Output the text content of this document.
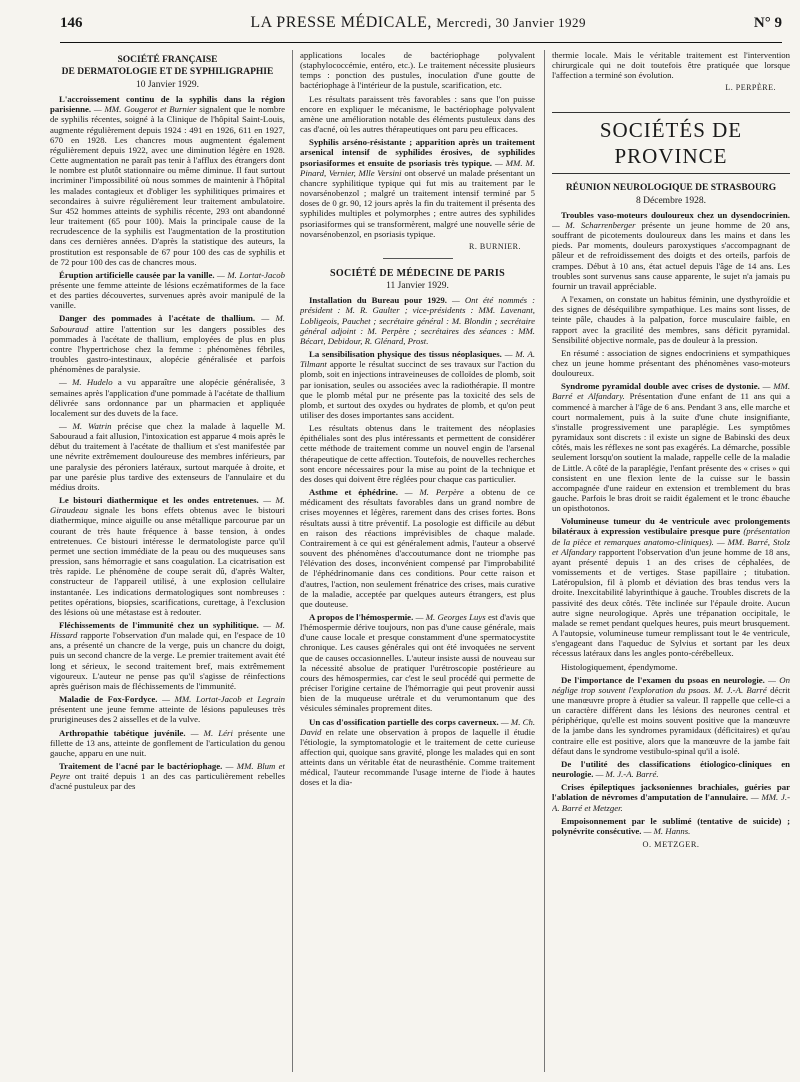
146	LA PRESSE MÉDICALE, Mercredi, 30 Janvier 1929	N° 9
SOCIÉTÉ FRANÇAISE
DE DERMATOLOGIE ET DE SYPHILIGRAPHIE
10 Janvier 1929.

L'accroissement continu de la syphilis dans la région parisienne. — MM. Gougerot et Burnier signalent que le nombre de syphilis récentes, soigné à la Clinique de l'hôpital Saint-Louis, augmente régulièrement depuis 1924 : 491 en 1926, 611 en 1927, 670 en 1928. Les chancres mous augmentent également régulièrement depuis 1922, avec une diminution légère en 1928. Cette augmentation ne paraît pas tenir à l'afflux des étrangers dont le nombre est plutôt stationnaire ou même diminue. Il faut surtout incriminer l'impossibilité où nous sommes de maintenir à l'hôpital les malades contagieux et d'obliger les syphilitiques primaires et secondaires à suivre régulièrement leur traitement ambulatoire. Sur 452 hommes atteints de syphilis récente, 293 ont abandonné leur traitement (65 pour 100). Mais la principale cause de la recrudescence de la syphilis est l'augmentation de la prostitution dans ces dernières années. D'après la statistique des auteurs, la prostitution est responsable de 67 pour 100 des cas de syphilis et de 72 pour 100 des cas de chancres mous.

Éruption artificielle causée par la vanille. — M. Lortat-Jacob présente une femme atteinte de lésions eczématiformes de la face et des parties découvertes, survenues après avoir manipulé de la vanille.

Danger des pommades à l'acétate de thallium. — M. Sabouraud attire l'attention sur les dangers possibles des pommades à l'acétate de thallium, employées de plus en plus contre l'hypertrichose chez la femme : phénomènes fébriles, troubles gastro-intestinaux, alopécie généralisée et parfois phénomènes de paralysie.

— M. Hudelo a vu apparaître une alopécie généralisée, 3 semaines après l'application d'une pommade à l'acétate de thallium délivrée sans ordonnance par un pharmacien et appliquée localement sur des duvets de la face.

— M. Watrin précise que chez la malade à laquelle M. Sabouraud a fait allusion, l'intoxication est apparue 4 mois après le début du traitement à l'acétate de thallium et s'est manifestée par une névrite extrêmement douloureuse des membres inférieurs, par une paralysie des péroniers latéraux, surtout marquée à droite, et par une parésie plus tardive des extenseurs de l'annulaire et du médius droits.

Le bistouri diathermique et les ondes entretenues. — M. Giraudeau signale les bons effets obtenus avec le bistouri diathermique, mince aiguille ou anse métallique parcourue par un courant de très haute fréquence à basse tension, à ondes entretenues. Ce bistouri intéresse le dermatologiste parce qu'il permet une section immédiate de la peau ou des muqueuses sans pression, sans hémorragie et sans coagulation. La cicatrisation est très rapide. Le phénomène de coupe serait dû, d'après Walter, constructeur de l'appareil utilisé, à une explosion cellulaire instantanée. Les indications dermatologiques sont nombreuses : petites opérations, biopsies, scarifications, curettage, à l'exclusion des lésions où une métastase est à redouter.

Fléchissements de l'immunité chez un syphilitique. — M. Hissard rapporte l'observation d'un malade qui, en l'espace de 10 ans, a présenté un chancre de la verge, puis un chancre du doigt, puis un second chancre de la verge. Le premier traitement avait été long et sérieux, le second traitement bref, mais extrêmement vigoureux. L'auteur ne pense pas qu'il s'agisse de réinfections après guérison mais de fléchissements de l'immunité.

Maladie de Fox-Fordyce. — MM. Lortat-Jacob et Legrain présentent une jeune femme atteinte de lésions papuleuses très prurigineuses des 2 aisselles et de la vulve.

Arthropathie tabétique juvénile. — M. Léri présente une fillette de 13 ans, atteinte de gonflement de l'articulation du genou gauche, apparu en une nuit.

Traitement de l'acné par le bactériophage. — MM. Blum et Peyre ont traité depuis 1 an des cas particulièrement rebelles d'acné pustuleux par des

applications locales de bactériophage polyvalent (staphylococcémie, entéro, etc.). Le traitement nécessite plusieurs temps : ponction des pustules, inoculation d'une goutte de bactériophage à l'intérieur de la pustule, scarification, etc.

Les résultats paraissent très favorables : sans que l'on puisse encore en expliquer le mécanisme, le bactériophage polyvalent amène une amélioration notable des éléments pustuleux dans des cas d'acné, où les autres thérapeutiques ont paru peu efficaces.

Syphilis arséno-résistante ; apparition après un traitement arsenical intensif de syphilides érosives, de syphilides psoriasiformes et ensuite de psoriasis très typique. — MM. M. Pinard, Vernier, Mlle Versini ont observé un malade présentant un chancre syphilitique typique qui fut mis au traitement par le novarsénobenzol ; malgré un traitement intensif terminé par 5 doses de 0 gr. 90, 12 jours après la fin du traitement il présenta des syphilides multiples et polymorphes ; entre autres des syphilides psoriasiformes qui se transformèrent, malgré une nouvelle série de novarsénobenzol, en psoriasis typique.

R. BURNIER.
SOCIÉTÉ DE MÉDECINE DE PARIS
11 Janvier 1929.

Installation du Bureau pour 1929. — Ont été nommés : président : M. R. Gaulter ; vice-présidents : MM. Lavenant, Lobligeois, Pauchet ; secrétaire général : M. Blondin ; secrétaire général adjoint : M. Perpère ; secrétaires des séances : MM. Bécart, Debidour, R. Glénard, Prost.

La sensibilisation physique des tissus néoplasiques. — M. A. Tilmant apporte le résultat succinct de ses travaux sur l'action du plomb, soit en injections intraveineuses de colloïdes de plomb, soit par ionisation, seules ou associées avec la radiothérapie. Il montre que le plomb métal pur ne présente pas la toxicité des sels de plomb, et surtout des oxydes ou hydrates de plomb, et qu'on peut utiliser des doses importantes sans accident.

Les résultats obtenus dans le traitement des néoplasies épithéliales sont des plus intéressants et permettent de considérer cette méthode de traitement comme un nouvel engin de l'arsenal thérapeutique de cette affection. Toutefois, de nouvelles recherches sont encore nécessaires pour la mise au point de la technique et des doses qui doivent être réglées pour chaque cas particulier.

Asthme et éphédrine. — M. Perpère a obtenu de ce médicament des résultats favorables dans un grand nombre de crises moyennes et légères, rarement dans des crises fortes. Bons résultats aussi à titre préventif. La posologie est difficile au début en raison des réactions imprévisibles de chaque malade. Contrairement à ce qui est généralement admis, l'auteur a observé souvent des phénomènes d'accoutumance dont ne triomphe pas l'élévation des doses, inconvénient compensé par l'improbabilité de l'éphédrinomanie dans ces conditions. Pour cette raison et d'autres, l'action, non seulement frénatrice des crises, mais curative de la maladie, acceptée par quelques auteurs étrangers, est plus que douteuse.

A propos de l'hémospermie. — M. Georges Luys est d'avis que l'hémospermie dérive toujours, non pas d'une cause générale, mais d'une cause locale et presque constamment d'une spermatocystite chronique. Les causes générales qui ont été invoquées ne servent que de causes occasionnelles. L'auteur insiste aussi de nouveau sur la nécessité absolue de pratiquer l'urétroscopie postérieure au cours des hémospermies, car c'est le seul procédé qui permette de préciser l'origine certaine de l'hémorragie qui peut provenir aussi bien de la muqueuse urétrale et du verumontanum que des vésicules séminales proprement dites.

Un cas d'ossification partielle des corps caverneux. — M. Ch. David en relate une observation à propos de laquelle il étudie l'étiologie, la symptomatologie et le traitement de cette curieuse affection qui, quoique sans gravité, plonge les malades qui en sont atteints dans un véritable état de neurasthénie. Comme traitement médical, l'auteur recommande l'usage interne de l'iode à hautes doses et la dia-

thermie locale. Mais le véritable traitement est l'intervention chirurgicale qui ne doit toutefois être pratiquée que lorsque l'affection a terminé son évolution.

L. PERPÈRE.
SOCIÉTÉS DE PROVINCE
RÉUNION NEUROLOGIQUE DE STRASBOURG
8 Décembre 1928.

Troubles vaso-moteurs douloureux chez un dysendocrinien. — M. Scharrenberger présente un jeune homme de 20 ans, souffrant de picotements douloureux dans les mains et dans les pieds. Par moments, douleurs paroxystiques s'accompagnant de pâleur et de refroidissement des doigts et des orteils, parfois de crampes. Début à 10 ans, état actuel depuis l'âge de 14 ans. Les troubles sont survenus sans cause apparente, le sujet n'a jamais pu fournir un travail appréciable.

A l'examen, on constate un habitus féminin, une dysthyroïdie et des signes de déséquilibre sympathique. Les mains sont lisses, de teinte pâle, chaudes à la palpation, force musculaire faible, en rapport avec la gracilité des membres, sans déficit pyramidal. Sensibilité objective normale, pas de douleur à la pression.

En résumé : association de signes endocriniens et sympathiques chez un jeune homme présentant des phénomènes vaso-moteurs douloureux.

Syndrome pyramidal double avec crises de dystonie. — MM. Barré et Alfandary. Présentation d'une enfant de 11 ans qui a commencé à marcher à l'âge de 6 ans. Pendant 3 ans, elle marche et court normalement, puis à la suite d'une chute insignifiante, s'installe progressivement une paraplégie. Les symptômes pyramidaux sont discrets : il existe un signe de Babinski des deux côtés, mais les réflexes ne sont pas exagérés. La démarche, possible seulement lorsqu'on soutient la malade, rappelle celle de la maladie de Little. A côté de la paraplégie, l'enfant présente des « crises » qui consistent en une flexion lente de la cuisse sur le bassin accompagnée d'une raideur en extension et tremblement du bras gauche. Parfois le bras droit se raidit également et le tronc ébauche un opisthotonos.

Volumineuse tumeur du 4e ventricule avec prolongements bilatéraux à expression vestibulaire presque pure (présentation de la pièce et remarques anatomo-cliniques). — MM. Barré, Stolz et Alfandary rapportent l'observation d'un jeune homme de 18 ans, ayant présenté depuis 1 an des crises de céphalées, de vomissements et de vertiges. Stase papillaire ; titubation. Latéropulsion, fil à plomb et déviation des bras tendus vers la droite. Inexcitabilité labyrinthique à gauche. Troubles discrets de la passivité des deux côtés. Tête inclinée sur l'épaule droite. Aucun autre signe neurologique. Après une trépanation occipitale, le malade se remet pendant quelques heures, puis meurt brusquement. A l'autopsie, volumineuse tumeur remplissant tout le 4e ventricule, s'engageant dans l'aqueduc de Sylvius et sortant par les deux récessus latéraux dans les angles ponto-cérébelleux.

Histologiquement, épendymome.

De l'importance de l'examen du psoas en neurologie. — On néglige trop souvent l'exploration du psoas. M. J.-A. Barré décrit une manœuvre propre à étudier sa valeur. Il rappelle que celle-ci a un caractère différent dans les lésions des neurones central et périphérique, qu'elle est moins souvent positive que la manœuvre de la jambe dans les syndromes pyramidaux (déficitaires) et qu'au contraire elle est positive, alors que la manœuvre de la jambe fait défaut dans le syndrome vestibulo-spinal qu'il a isolé.

De l'utilité des classifications étiologico-cliniques en neurologie. — M. J.-A. Barré.

Crises épileptiques jacksoniennes brachiales, guéries par l'ablation de névromes d'amputation de l'annulaire. — MM. J.-A. Barré et Metzger.

Empoisonnement par le sublimé (tentative de suicide) ; polynévrite consécutive. — M. Hanns.

O. METZGER.
